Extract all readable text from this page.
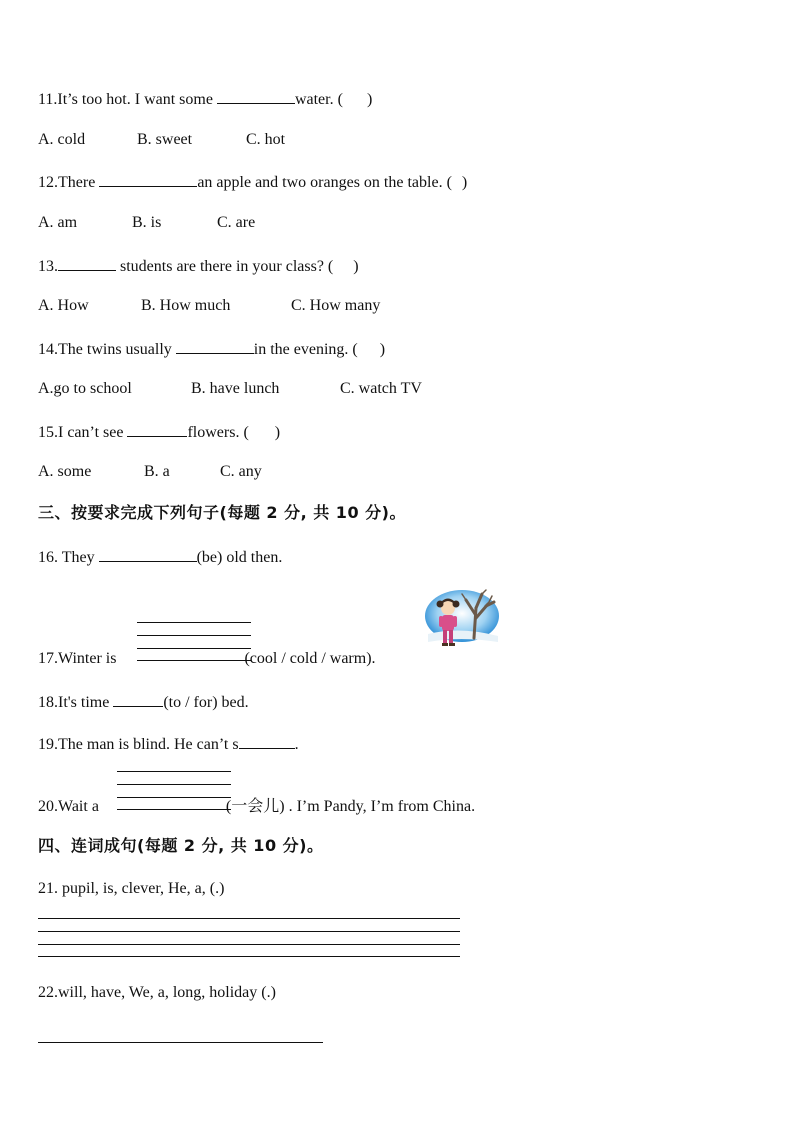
11.It’s too hot. I want some	water. ( )
A. cold	B. sweet	C. hot
12.There	an apple and two oranges on the table. ( )
A. am	B. is	C. are
13.	students are there in your class? ( )
A. How	B. How much	C. How many
14.The twins usually	in the evening. ( )
A.go to school	B. have lunch	C. watch TV
15.I can’t see	flowers. ( )
A. some	B. a	C. any
三、按要求完成下列句子(每题 2 分, 共 10 分)。
16. They	(be) old then.
17.Winter is	(cool / cold / warm).
18.It's time	(to / for) bed.
19.The man is blind. He can’t s	.
20.Wait a	(一会儿) . I’m Pandy, I’m from China.
四、连词成句(每题 2 分, 共 10 分)。
21. pupil, is, clever, He, a, (.)
22.will, have, We, a, long, holiday (.)
